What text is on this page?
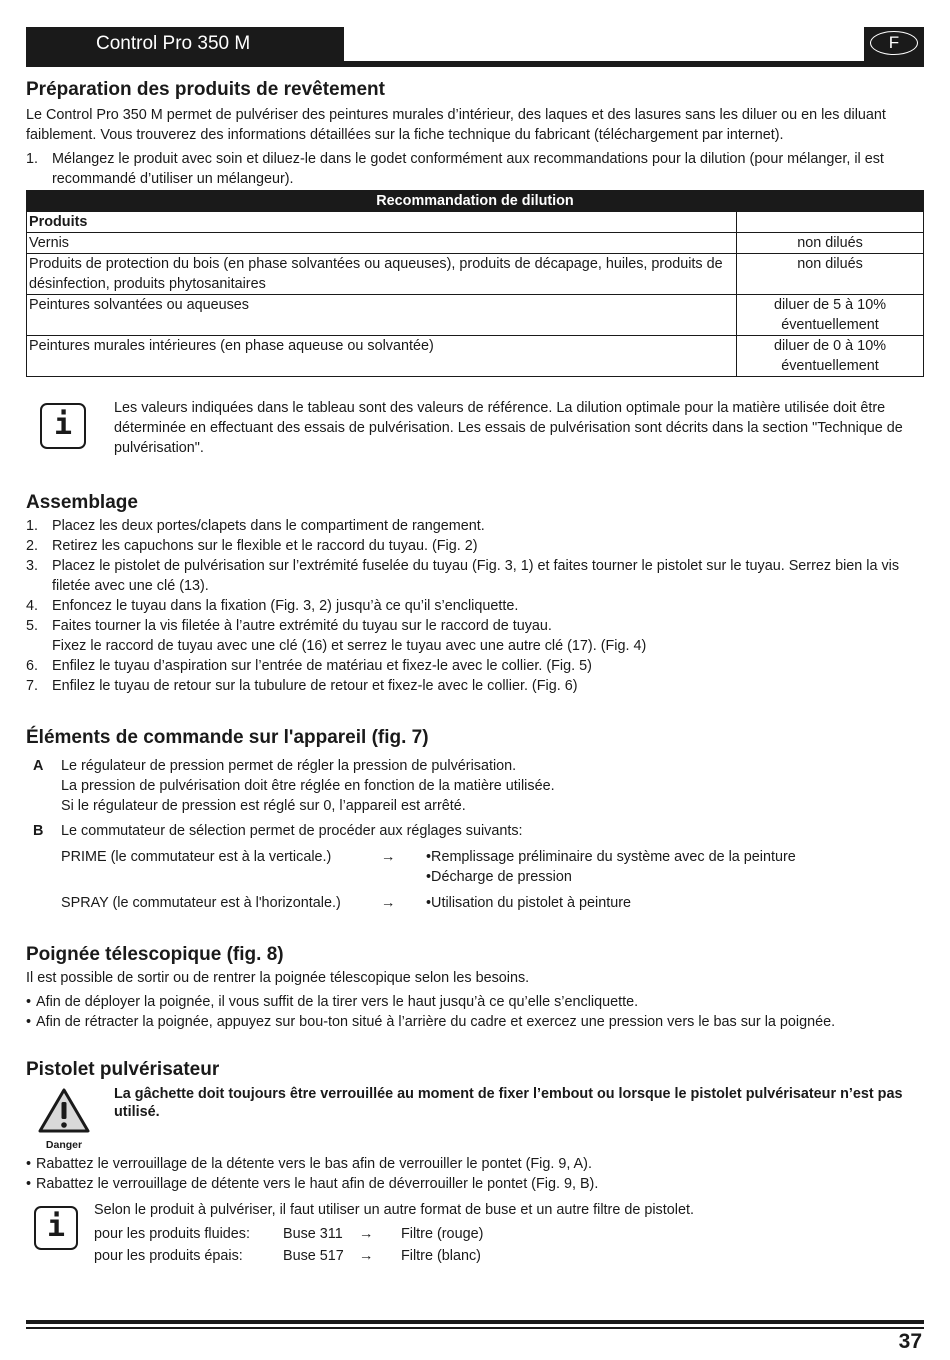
Control Pro 350 M	F
Préparation des produits de revêtement

Le Control Pro 350 M permet de pulvériser des peintures murales d’intérieur, des laques et des lasures sans les diluer ou en les diluant faiblement. Vous trouverez des informations détaillées sur la fiche technique du fabricant (téléchargement par internet).

1. Mélangez le produit avec soin et diluez-le dans le godet conformément aux recommandations pour la dilution (pour mélanger, il est recommandé d’utiliser un mélangeur).
Recommandation de dilution	
Produits	
Vernis	non dilués
Produits de protection du bois (en phase solvantées ou aqueuses), produits de décapage, huiles, produits de désinfection, produits phytosanitaires	non dilués
Peintures solvantées ou aqueuses	diluer de 5 à 10% éventuellement
Peintures murales intérieures (en phase aqueuse ou solvantée)	diluer de 0 à 10% éventuellement
i	Les valeurs indiquées dans le tableau sont des valeurs de référence. La dilution optimale pour la matière utilisée doit être déterminée en effectuant des essais de pulvérisation. Les essais de pulvérisation sont décrits dans la section "Technique de pulvérisation".

Assemblage
1. Placez les deux portes/clapets dans le compartiment de rangement.
2. Retirez les capuchons sur le flexible et le raccord du tuyau. (Fig. 2)
3. Placez le pistolet de pulvérisation sur l’extrémité fuselée du tuyau (Fig. 3, 1) et faites tourner le pistolet sur le tuyau. Serrez bien la vis filetée avec une clé (13).
4. Enfoncez le tuyau dans la fixation (Fig. 3, 2) jusqu’à ce qu’il s’encliquette.
5. Faites tourner la vis filetée à l’autre extrémité du tuyau sur le raccord de tuyau.
Fixez le raccord de tuyau avec une clé (16) et serrez le tuyau avec une autre clé (17). (Fig. 4)
6. Enfilez le tuyau d’aspiration sur l’entrée de matériau et fixez-le avec le collier. (Fig. 5)
7. Enfilez le tuyau de retour sur la tubulure de retour et fixez-le avec le collier. (Fig. 6)
Éléments de commande sur l'appareil (fig. 7)
A Le régulateur de pression permet de régler la pression de pulvérisation.
La pression de pulvérisation doit être réglée en fonction de la matière utilisée.
Si le régulateur de pression est réglé sur 0, l’appareil est arrêté.
B Le commutateur de sélection permet de procéder aux réglages suivants:
PRIME (le commutateur est à la verticale.)	→ •Remplissage préliminaire du système avec de la peinture
•Décharge de pression
SPRAY (le commutateur est à l'horizontale.)	→ •Utilisation du pistolet à peinture
Poignée télescopique (fig. 8)

Il est possible de sortir ou de rentrer la poignée télescopique selon les besoins.

• Afin de déployer la poignée, il vous suffit de la tirer vers le haut jusqu’à ce qu’elle s’encliquette.
• Afin de rétracter la poignée, appuyez sur bou-ton situé à l’arrière du cadre et exercez une pression vers le bas sur la poignée.
Pistolet pulvérisateur
Danger

La gâchette doit toujours être verrouillée au moment de fixer l’embout ou lorsque le pistolet pulvérisateur n’est pas utilisé.

• Rabattez le verrouillage de la détente vers le bas afin de verrouiller le pontet (Fig. 9, A).
• Rabattez le verrouillage de détente vers le haut afin de déverrouiller le pontet (Fig. 9, B).
i	Selon le produit à pulvériser, il faut utiliser un autre format de buse et un autre filtre de pistolet.

pour les produits fluides: Buse 311 → Filtre (rouge)
pour les produits épais:	Buse 517 → Filtre (blanc)
37
